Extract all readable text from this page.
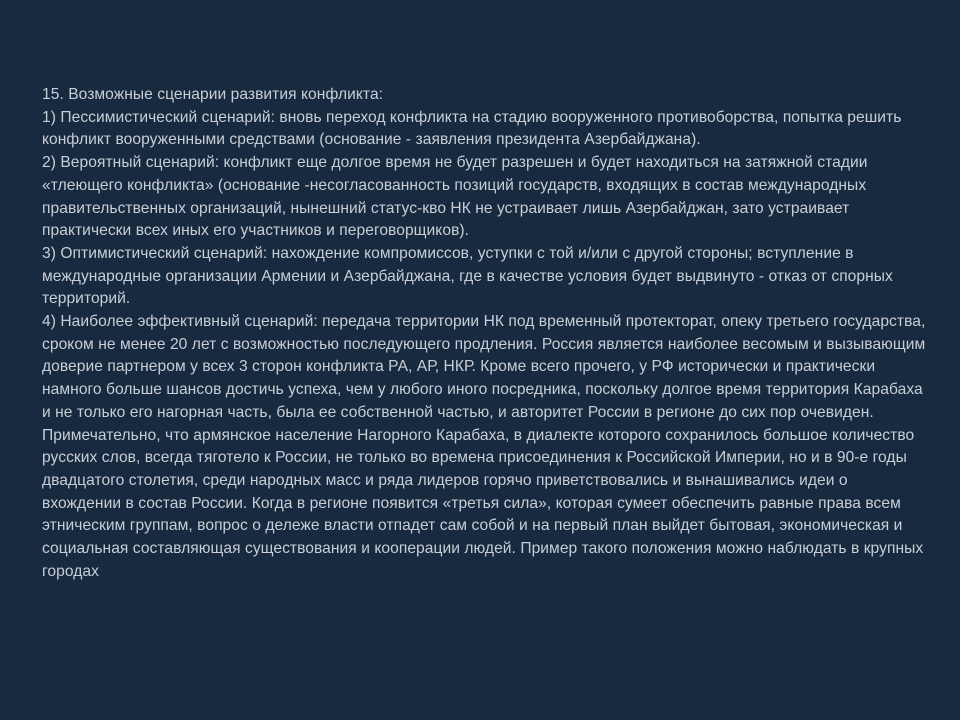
15. Возможные сценарии развития конфликта:

1) Пессимистический сценарий: вновь переход конфликта на стадию вооруженного противоборства, попытка решить конфликт вооруженными средствами (основание - заявления президента Азербайджана).

2) Вероятный сценарий: конфликт еще долгое время не будет разрешен и будет находиться на затяжной стадии «тлеющего конфликта» (основание -несогласованность позиций государств, входящих в состав международных правительственных организаций, нынешний статус-кво НК не устраивает лишь Азербайджан, зато устраивает практически всех иных его участников и переговорщиков).

3) Оптимистический сценарий: нахождение компромиссов, уступки с той и/или с другой стороны; вступление в международные организации Армении и Азербайджана, где в качестве условия будет выдвинуто - отказ от спорных территорий.

4) Наиболее эффективный сценарий: передача территории НК под временный протекторат, опеку третьего государства, сроком не менее 20 лет с возможностью последующего продления. Россия является наиболее весомым и вызывающим доверие партнером у всех 3 сторон конфликта РА, АР, НКР. Кроме всего прочего, у РФ исторически и практически намного больше шансов достичь успеха, чем у любого иного посредника, поскольку долгое время территория Карабаха и не только его нагорная часть, была ее собственной частью, и авторитет России в регионе до сих пор очевиден. Примечательно, что армянское население Нагорного Карабаха, в диалекте которого сохранилось большое количество русских слов, всегда тяготело к России, не только во времена присоединения к Российской Империи, но и в 90-е годы двадцатого столетия, среди народных масс и ряда лидеров горячо приветствовались и вынашивались идеи о вхождении в состав России. Когда в регионе появится «третья сила», которая сумеет обеспечить равные права всем этническим группам, вопрос о дележе власти отпадет сам собой и на первый план выйдет бытовая, экономическая и социальная составляющая существования и кооперации людей. Пример такого положения можно наблюдать в крупных городах
